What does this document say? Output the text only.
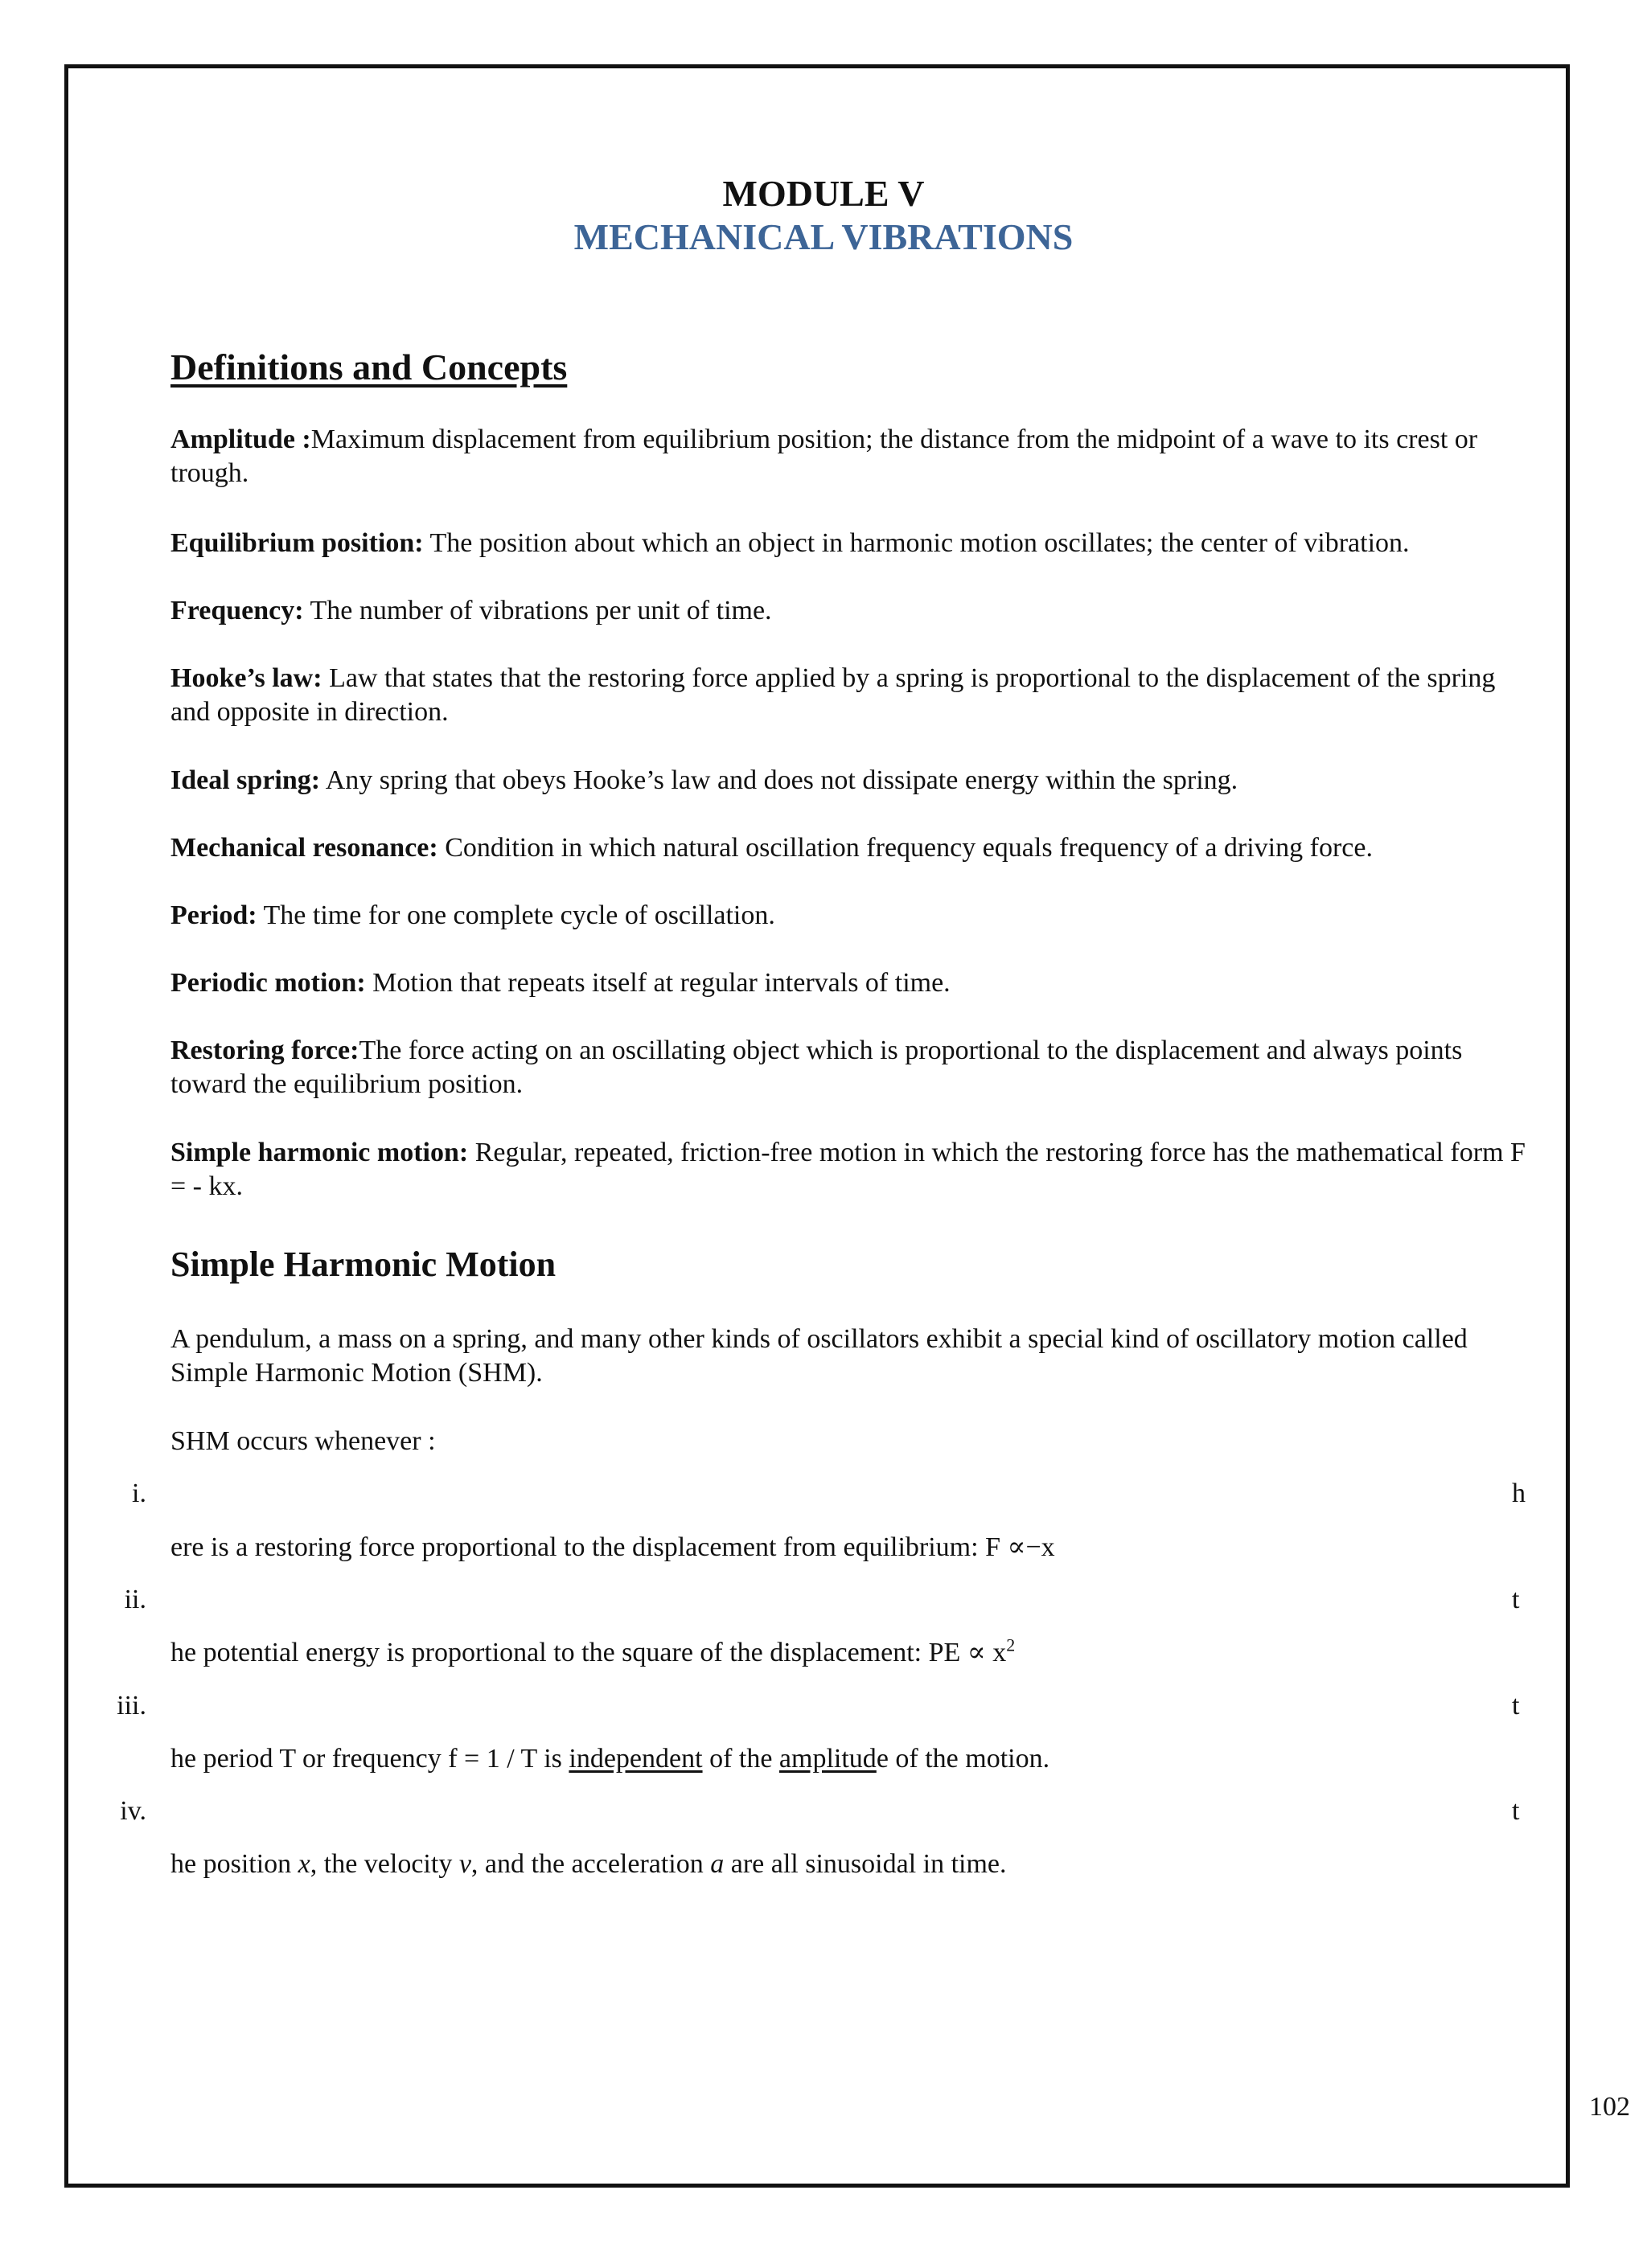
MODULE V
MECHANICAL VIBRATIONS
Definitions and Concepts
Amplitude :Maximum displacement from equilibrium position; the distance from the midpoint of a wave to its crest or trough.
Equilibrium position: The position about which an object in harmonic motion oscillates; the center of vibration.
Frequency: The number of vibrations per unit of time.
Hooke’s law: Law that states that the restoring force applied by a spring is proportional to the displacement of the spring and opposite in direction.
Ideal spring: Any spring that obeys Hooke’s law and does not dissipate energy within the spring.
Mechanical resonance: Condition in which natural oscillation frequency equals frequency of a driving force.
Period: The time for one complete cycle of oscillation.
Periodic motion: Motion that repeats itself at regular intervals of time.
Restoring force:The force acting on an oscillating object which is proportional to the displacement and always points toward the equilibrium position.
Simple harmonic motion: Regular, repeated, friction-free motion in which the restoring force has the mathematical form F = - kx.
Simple Harmonic Motion
A pendulum, a mass on a spring, and many other kinds of oscillators exhibit a special kind of oscillatory motion called Simple Harmonic Motion (SHM).
SHM occurs whenever :
i.	h
ere is a restoring force proportional to the displacement from equilibrium: F ∝−x
ii.	t
he potential energy is proportional to the square of the displacement: PE ∝ $x^2$
iii.	t
he period T or frequency f = 1 / T is independent of the amplitude of the motion.
iv.	t
he position x, the velocity v, and the acceleration a are all sinusoidal in time.
102
